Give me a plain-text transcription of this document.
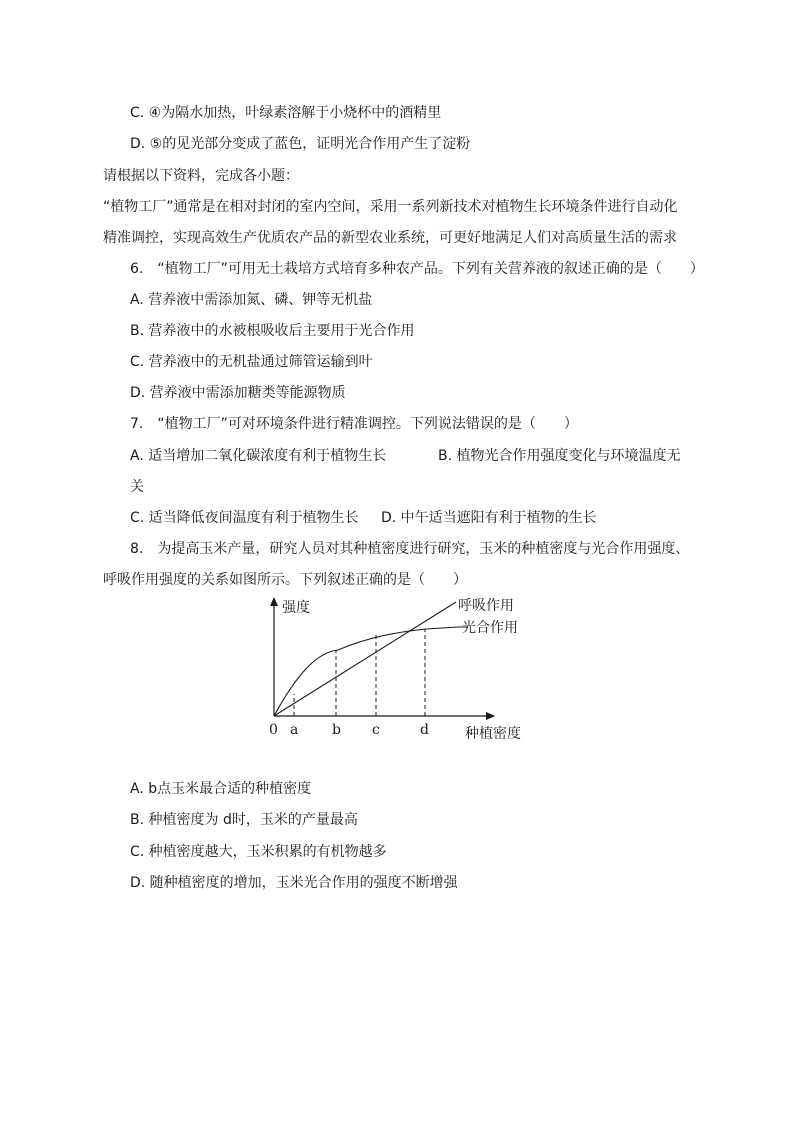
C. ④为隔水加热，叶绿素溶解于小烧杯中的酒精里
D. ⑤的见光部分变成了蓝色，证明光合作用产生了淀粉
请根据以下资料，完成各小题：
“植物工厂”通常是在相对封闭的室内空间，采用一系列新技术对植物生长环境条件进行自动化
精准调控，实现高效生产优质农产品的新型农业系统，可更好地满足人们对高质量生活的需求
6.　“植物工厂”可用无土栽培方式培育多种农产品。下列有关营养液的叙述正确的是（　　）
A. 营养液中需添加氮、磷、钾等无机盐
B. 营养液中的水被根吸收后主要用于光合作用
C. 营养液中的无机盐通过筛管运输到叶
D. 营养液中需添加糖类等能源物质
7.　“植物工厂”可对环境条件进行精准调控。下列说法错误的是（　　）
A. 适当增加二氧化碳浓度有利于植物生长	B. 植物光合作用强度变化与环境温度无
关
C. 适当降低夜间温度有利于植物生长 D. 中午适当遮阳有利于植物的生长
8.　为提高玉米产量，研究人员对其种植密度进行研究，玉米的种植密度与光合作用强度、
呼吸作用强度的关系如图所示。下列叙述正确的是（　　）
强度
种植密度
0 a b c	d
呼吸作用
光合作用
A. b点玉米最合适的种植密度
B. 种植密度为 d时，玉米的产量最高
C. 种植密度越大，玉米积累的有机物越多
D. 随种植密度的增加，玉米光合作用的强度不断增强
